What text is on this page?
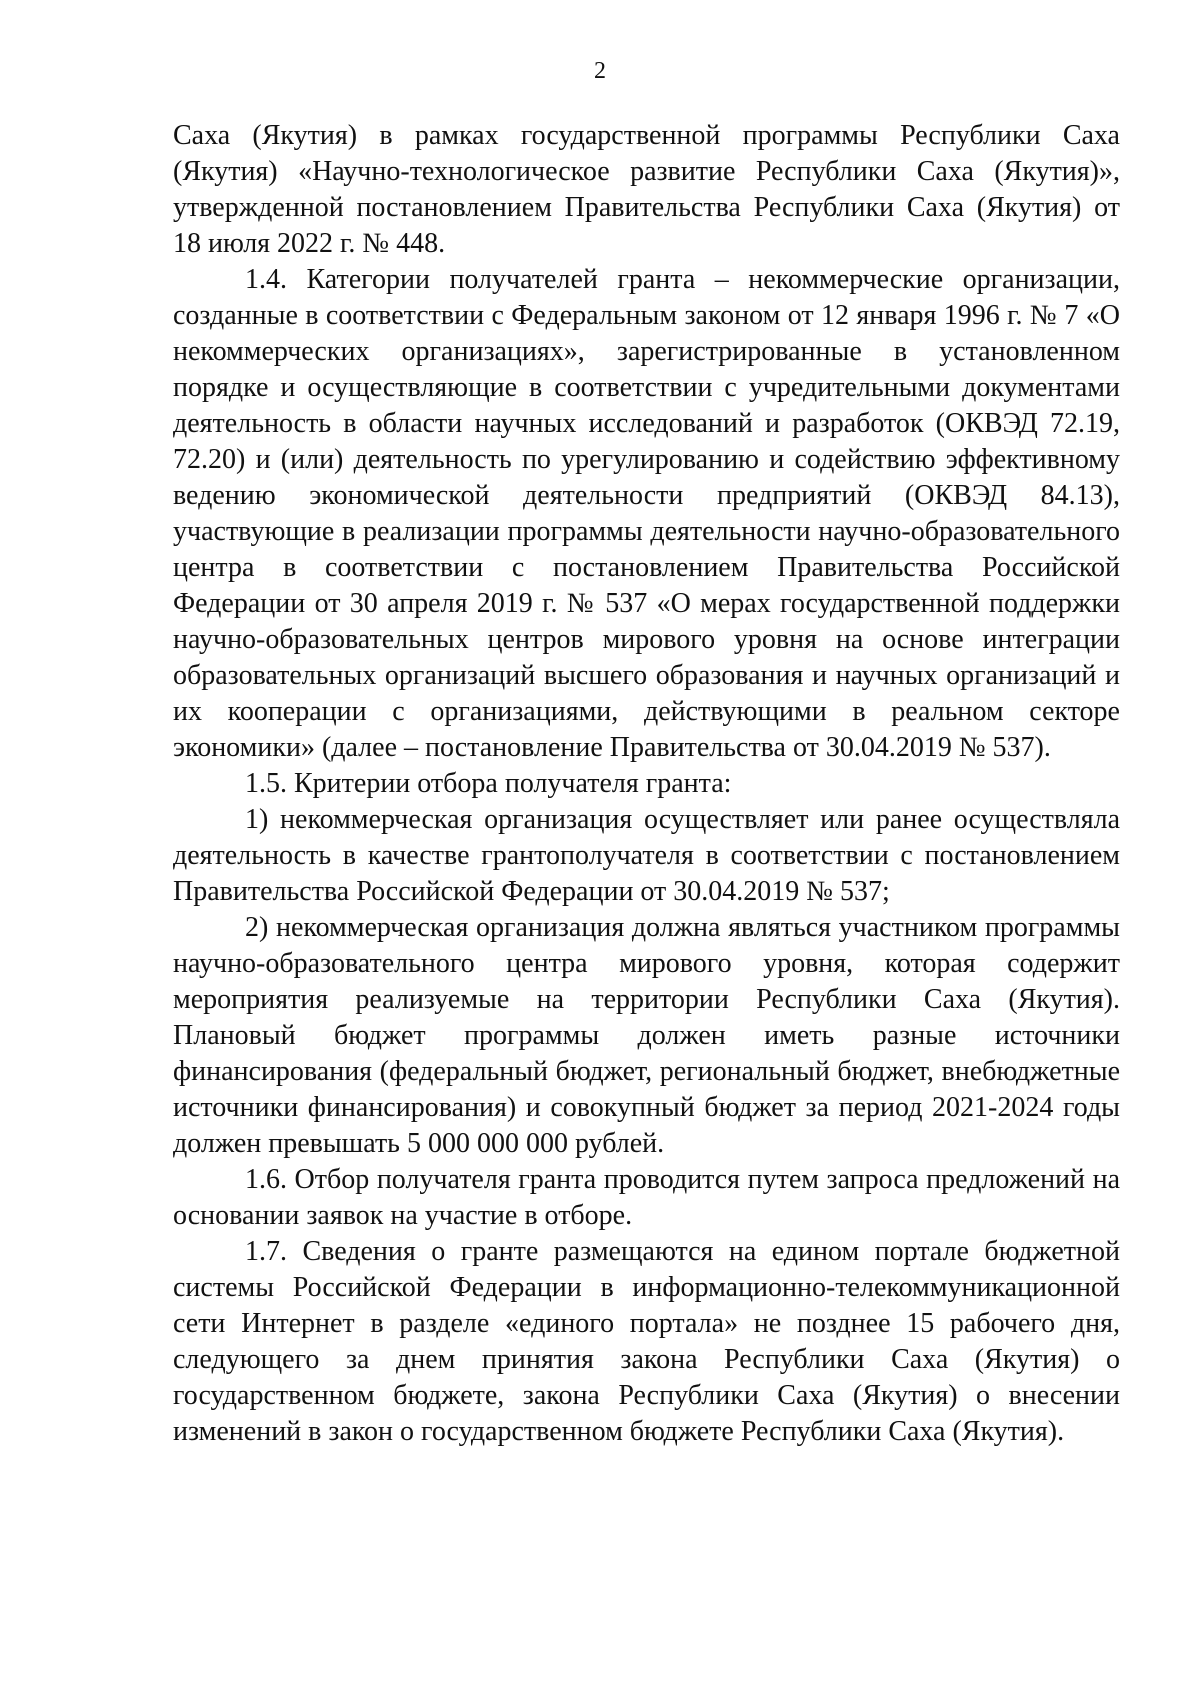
2

Саха (Якутия) в рамках государственной программы Республики Саха (Якутия) «Научно-технологическое развитие Республики Саха (Якутия)», утвержденной постановлением Правительства Республики Саха (Якутия) от 18 июля 2022 г. № 448.

1.4. Категории получателей гранта – некоммерческие организации, созданные в соответствии с Федеральным законом от 12 января 1996 г. № 7 «О некоммерческих организациях», зарегистрированные в установленном порядке и осуществляющие в соответствии с учредительными документами деятельность в области научных исследований и разработок (ОКВЭД 72.19, 72.20) и (или) деятельность по урегулированию и содействию эффективному ведению экономической деятельности предприятий (ОКВЭД 84.13), участвующие в реализации программы деятельности научно-образовательного центра в соответствии с постановлением Правительства Российской Федерации от 30 апреля 2019 г. № 537 «О мерах государственной поддержки научно-образовательных центров мирового уровня на основе интеграции образовательных организаций высшего образования и научных организаций и их кооперации с организациями, действующими в реальном секторе экономики» (далее – постановление Правительства от 30.04.2019 № 537).

1.5. Критерии отбора получателя гранта:

1) некоммерческая организация осуществляет или ранее осуществляла деятельность в качестве грантополучателя в соответствии с постановлением Правительства Российской Федерации от 30.04.2019 № 537;

2) некоммерческая организация должна являться участником программы научно-образовательного центра мирового уровня, которая содержит мероприятия реализуемые на территории Республики Саха (Якутия). Плановый бюджет программы должен иметь разные источники финансирования (федеральный бюджет, региональный бюджет, внебюджетные источники финансирования) и совокупный бюджет за период 2021-2024 годы должен превышать 5 000 000 000 рублей.

1.6. Отбор получателя гранта проводится путем запроса предложений на основании заявок на участие в отборе.

1.7. Сведения о гранте размещаются на едином портале бюджетной системы Российской Федерации в информационно-телекоммуникационной сети Интернет в разделе «единого портала» не позднее 15 рабочего дня, следующего за днем принятия закона Республики Саха (Якутия) о государственном бюджете, закона Республики Саха (Якутия) о внесении изменений в закон о государственном бюджете Республики Саха (Якутия).
